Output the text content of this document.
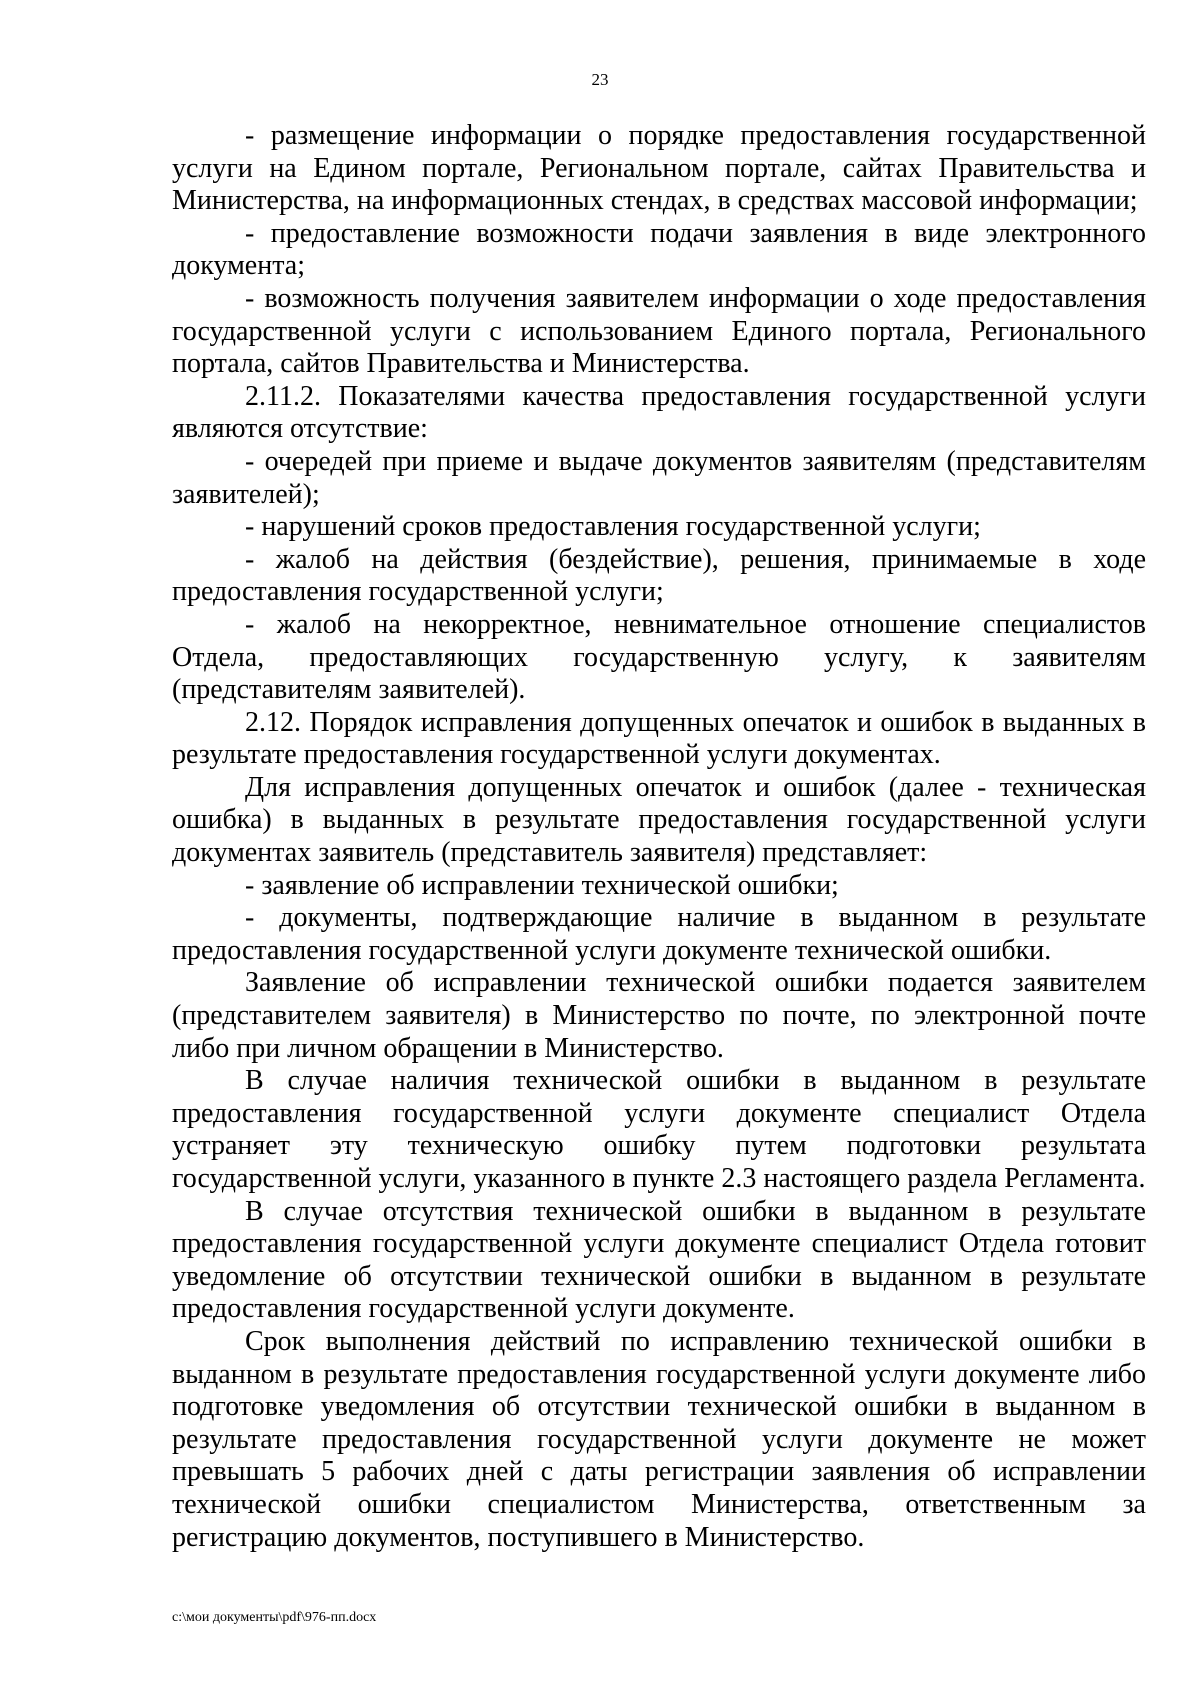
23

- размещение информации о порядке предоставления государственной услуги на Едином портале, Региональном портале, сайтах Правительства и Министерства, на информационных стендах, в средствах массовой информации;

- предоставление возможности подачи заявления в виде электронного документа;

- возможность получения заявителем информации о ходе предоставления государственной услуги с использованием Единого портала, Регионального портала, сайтов Правительства и Министерства.

2.11.2. Показателями качества предоставления государственной услуги являются отсутствие:

- очередей при приеме и выдаче документов заявителям (представителям заявителей);

- нарушений сроков предоставления государственной услуги;

- жалоб на действия (бездействие), решения, принимаемые в ходе предоставления государственной услуги;

- жалоб на некорректное, невнимательное отношение специалистов Отдела, предоставляющих государственную услугу, к заявителям (представителям заявителей).

2.12. Порядок исправления допущенных опечаток и ошибок в выданных в результате предоставления государственной услуги документах.

Для исправления допущенных опечаток и ошибок (далее - техническая ошибка) в выданных в результате предоставления государственной услуги документах заявитель (представитель заявителя) представляет:

- заявление об исправлении технической ошибки;

- документы, подтверждающие наличие в выданном в результате предоставления государственной услуги документе технической ошибки.

Заявление об исправлении технической ошибки подается заявителем (представителем заявителя) в Министерство по почте, по электронной почте либо при личном обращении в Министерство.

В случае наличия технической ошибки в выданном в результате предоставления государственной услуги документе специалист Отдела устраняет эту техническую ошибку путем подготовки результата государственной услуги, указанного в пункте 2.3 настоящего раздела Регламента.

В случае отсутствия технической ошибки в выданном в результате предоставления государственной услуги документе специалист Отдела готовит уведомление об отсутствии технической ошибки в выданном в результате предоставления государственной услуги документе.

Срок выполнения действий по исправлению технической ошибки в выданном в результате предоставления государственной услуги документе либо подготовке уведомления об отсутствии технической ошибки в выданном в результате предоставления государственной услуги документе не может превышать 5 рабочих дней с даты регистрации заявления об исправлении технической ошибки специалистом Министерства, ответственным за регистрацию документов, поступившего в Министерство.

c:\мои документы\pdf\976-пп.docx
